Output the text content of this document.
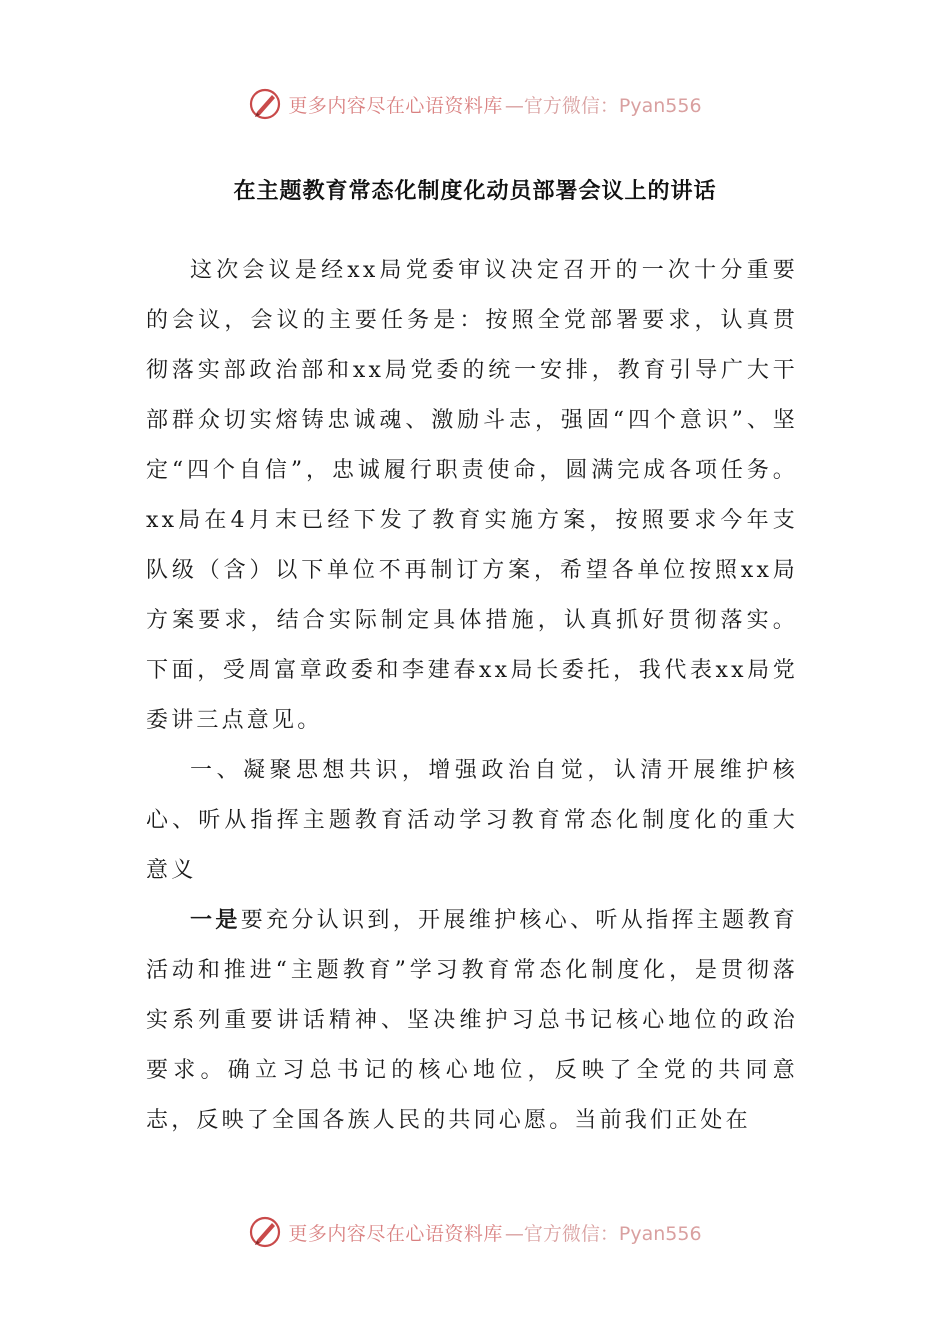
更多内容尽在心语资料库 —官方微信：Pyan556
在主题教育常态化制度化动员部署会议上的讲话

这次会议是经xx局党委审议决定召开的一次十分重要的会议，会议的主要任务是：按照全党部署要求，认真贯彻落实部政治部和xx局党委的统一安排，教育引导广大干部群众切实熔铸忠诚魂、激励斗志，强固“四个意识”、坚定“四个自信”，忠诚履行职责使命，圆满完成各项任务。xx局在4月末已经下发了教育实施方案，按照要求今年支队级（含）以下单位不再制订方案，希望各单位按照xx局方案要求，结合实际制定具体措施，认真抓好贯彻落实。下面，受周富章政委和李建春xx局长委托，我代表xx局党委讲三点意见。

一、凝聚思想共识，增强政治自觉，认清开展维护核心、听从指挥主题教育活动学习教育常态化制度化的重大意义

一是要充分认识到，开展维护核心、听从指挥主题教育活动和推进“主题教育”学习教育常态化制度化，是贯彻落实系列重要讲话精神、坚决维护习总书记核心地位的政治要求。确立习总书记的核心地位，反映了全党的共同意志，反映了全国各族人民的共同心愿。当前我们正处在

更多内容尽在心语资料库 —官方微信：Pyan556
